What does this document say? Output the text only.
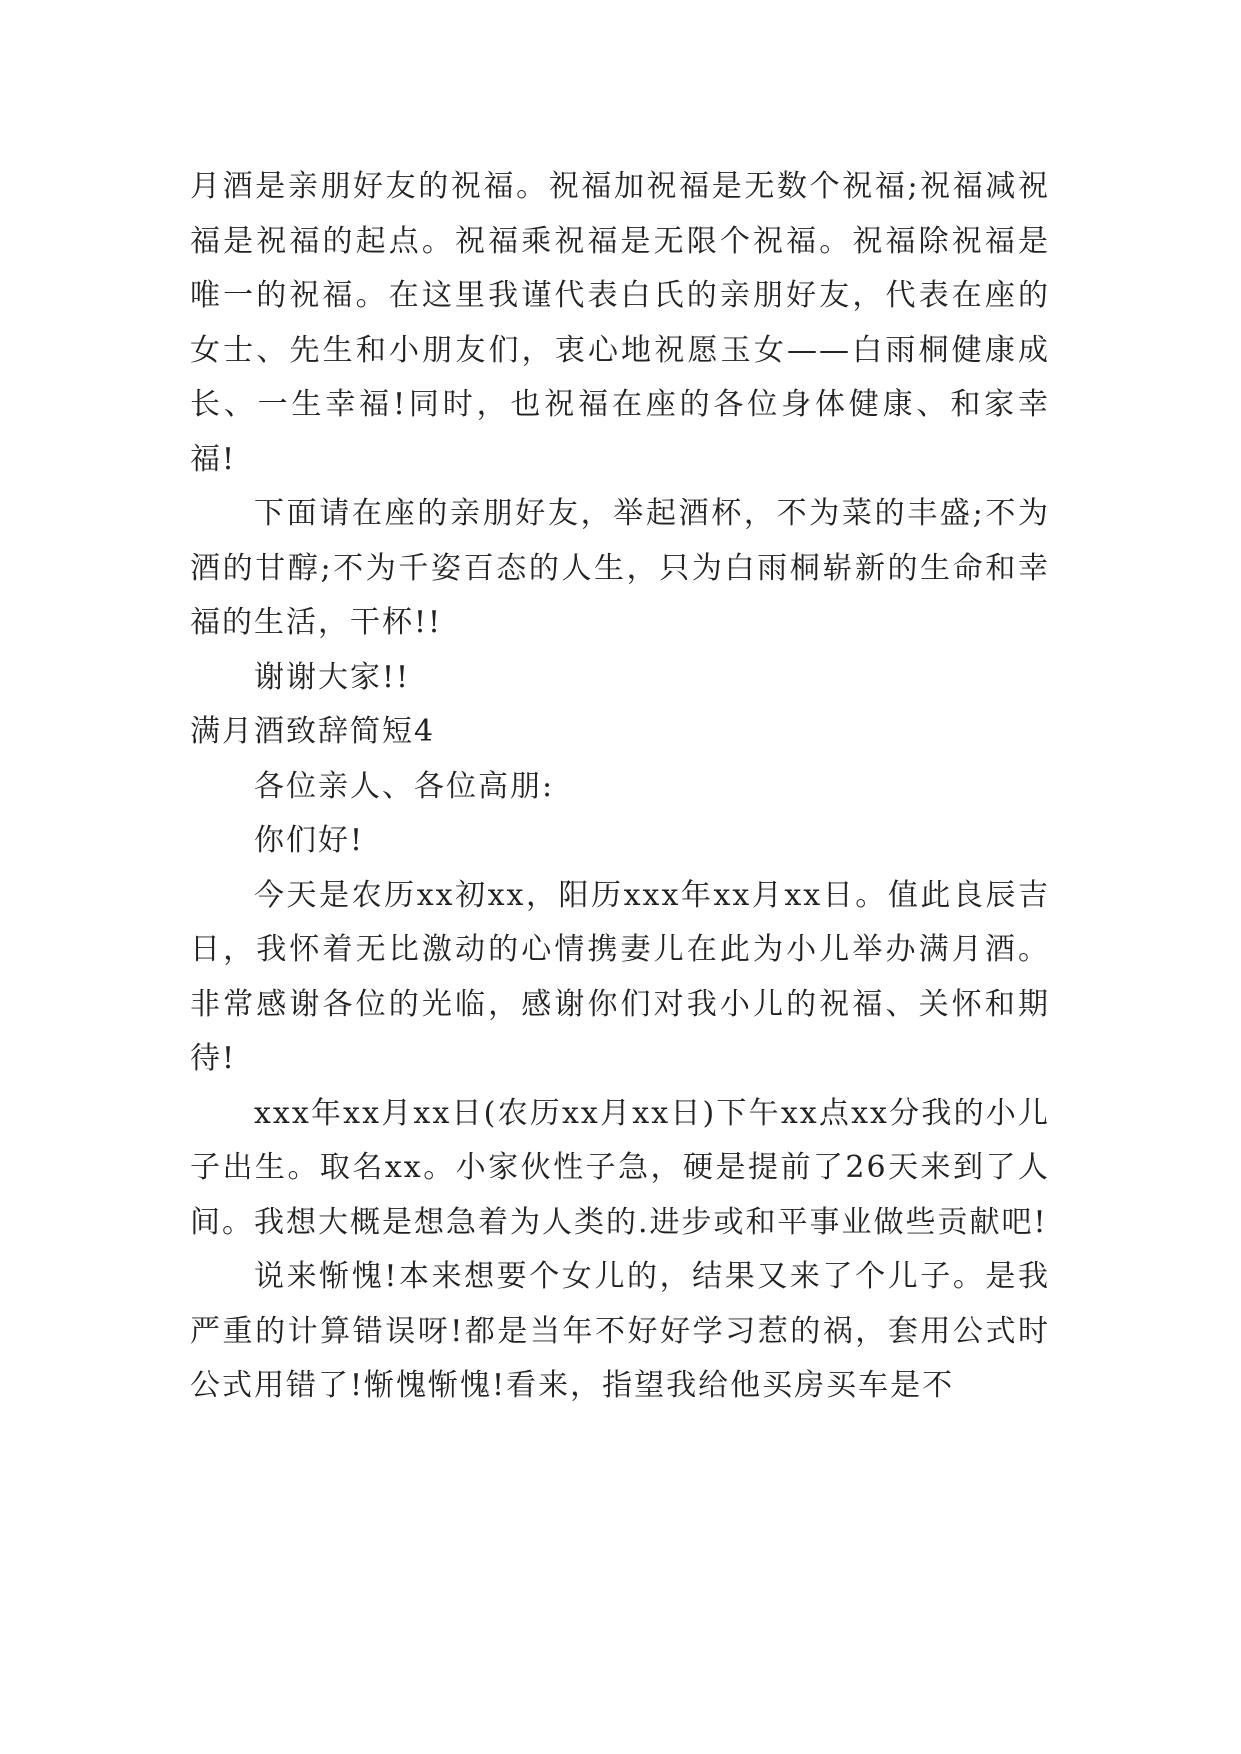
月酒是亲朋好友的祝福。祝福加祝福是无数个祝福;祝福减祝福是祝福的起点。祝福乘祝福是无限个祝福。祝福除祝福是唯一的祝福。在这里我谨代表白氏的亲朋好友，代表在座的女士、先生和小朋友们，衷心地祝愿玉女——白雨桐健康成长、一生幸福!同时，也祝福在座的各位身体健康、和家幸福!

下面请在座的亲朋好友，举起酒杯，不为菜的丰盛;不为酒的甘醇;不为千姿百态的人生，只为白雨桐崭新的生命和幸福的生活，干杯!!

谢谢大家!!

满月酒致辞简短4

各位亲人、各位高朋:

你们好!

今天是农历xx初xx，阳历xxx年xx月xx日。值此良辰吉日，我怀着无比激动的心情携妻儿在此为小儿举办满月酒。非常感谢各位的光临，感谢你们对我小儿的祝福、关怀和期待!

xxx年xx月xx日(农历xx月xx日)下午xx点xx分我的小儿子出生。取名xx。小家伙性子急，硬是提前了26天来到了人间。我想大概是想急着为人类的.进步或和平事业做些贡献吧!

说来惭愧!本来想要个女儿的，结果又来了个儿子。是我严重的计算错误呀!都是当年不好好学习惹的祸，套用公式时公式用错了!惭愧惭愧!看来，指望我给他买房买车是不
